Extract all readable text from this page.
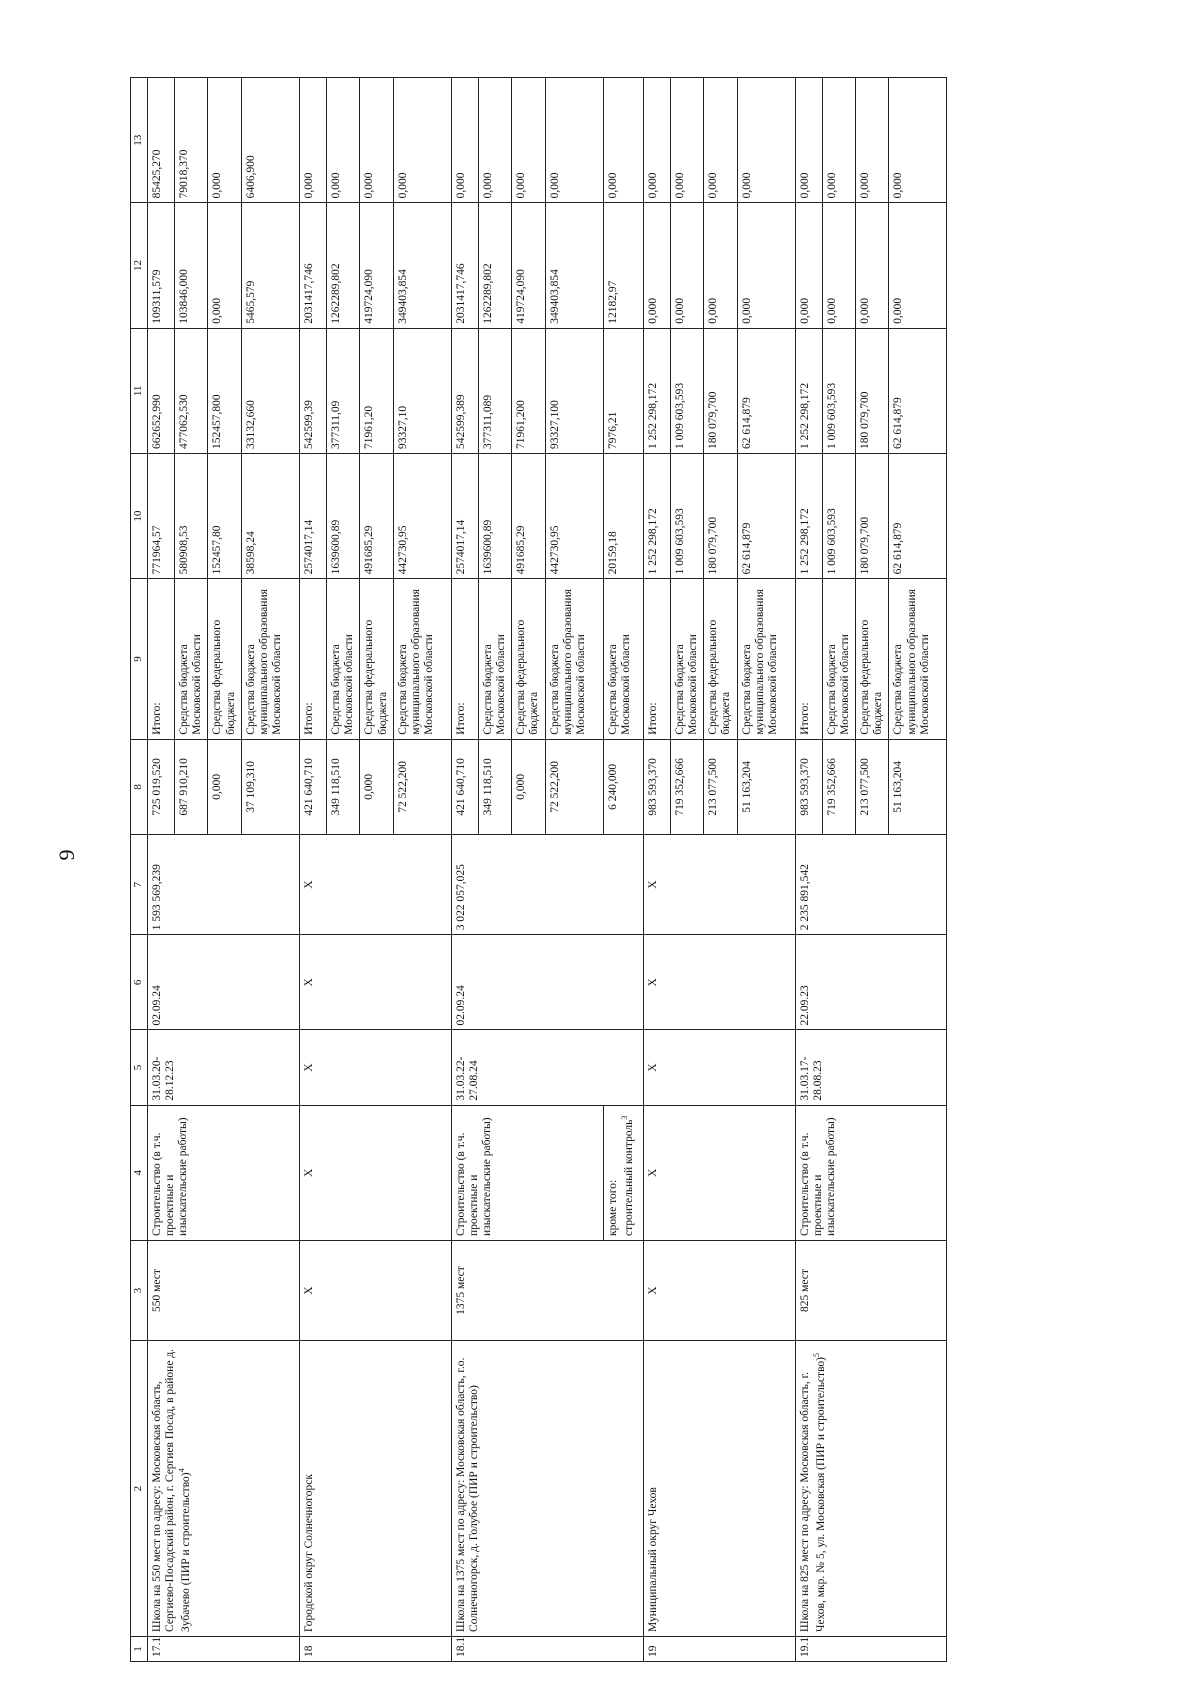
9
1	2	3	4	5	6	7	8	9	10	11	12	13
17.1	Школа на 550 мест по адресу: Московская область, Сергиево-Посадский район, г. Сергиев Посад, в районе д. Зубачево (ПИР и строительство)$^4$	550 мест	Строительство (в т.ч. проектные и изыскательские работы)	31.03.20-28.12.23	02.09.24	1 593 569,239	725 019,520	Итого:	771964,57	662652,990	109311,579	85425,270
							687 910,210	Средства бюджета Московской области	580908,53	477062,530	103846,000	79018,370
							0,000	Средства федерального бюджета	152457,80	152457,800	0,000	0,000
							37 109,310	Средства бюджета муниципального образования Московской области	38598,24	33132,660	5465,579	6406,900
18	Городской округ Солнечногорск	Х	Х	Х	Х	Х	421 640,710	Итого:	2574017,14	542599,39	2031417,746	0,000
							349 118,510	Средства бюджета Московской области	1639600,89	377311,09	1262289,802	0,000
							0,000	Средства федерального бюджета	491685,29	71961,20	419724,090	0,000
							72 522,200	Средства бюджета муниципального образования Московской области	442730,95	93327,10	349403,854	0,000
18.1	Школа на 1375 мест по адресу: Московская область, г.о. Солнечногорск, д. Голубое (ПИР и строительство)	1375 мест	Строительство (в т.ч. проектные и изыскательские работы)	31.03.22-27.08.24	02.09.24	3 022 057,025	421 640,710	Итого:	2574017,14	542599,389	2031417,746	0,000
							349 118,510	Средства бюджета Московской области	1639600,89	377311,089	1262289,802	0,000
							0,000	Средства федерального бюджета	491685,29	71961,200	419724,090	0,000
							72 522,200	Средства бюджета муниципального образования Московской области	442730,95	93327,100	349403,854	0,000
			кроме того: строительный контроль$^3$				6 240,000	Средства бюджета Московской области	20159,18	7976,21	12182,97	0,000
19	Муниципальный округ Чехов	Х	Х	Х	Х	Х	983 593,370	Итого:	1 252 298,172	1 252 298,172	0,000	0,000
							719 352,666	Средства бюджета Московской области	1 009 603,593	1 009 603,593	0,000	0,000
							213 077,500	Средства федерального бюджета	180 079,700	180 079,700	0,000	0,000
							51 163,204	Средства бюджета муниципального образования Московской области	62 614,879	62 614,879	0,000	0,000
19.1	Школа на 825 мест по адресу: Московская область, г. Чехов, мкр. № 5, ул. Московская (ПИР и строительство)$^5$	825 мест	Строительство (в т.ч. проектные и изыскательские работы)	31.03.17-28.08.23	22.09.23	2 235 891,542	983 593,370	Итого:	1 252 298,172	1 252 298,172	0,000	0,000
							719 352,666	Средства бюджета Московской области	1 009 603,593	1 009 603,593	0,000	0,000
							213 077,500	Средства федерального бюджета	180 079,700	180 079,700	0,000	0,000
							51 163,204	Средства бюджета муниципального образования Московской области	62 614,879	62 614,879	0,000	0,000
